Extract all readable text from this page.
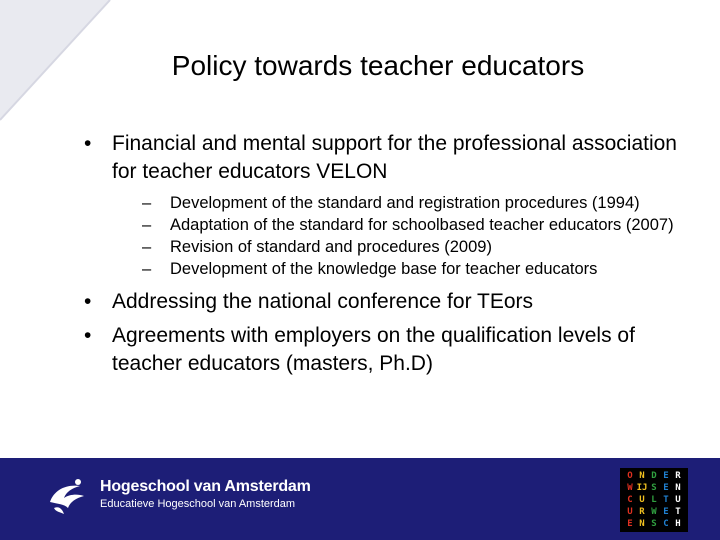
Policy towards teacher educators
• Financial and mental support for the professional association for teacher educators VELON
– Development of the standard and registration procedures (1994)
– Adaptation of the standard for schoolbased teacher educators (2007)
– Revision of standard and procedures (2009)
– Development of the knowledge base for teacher educators
• Addressing the national conference for TEors
• Agreements with employers on the qualification levels of teacher educators (masters, Ph.D)
Hogeschool van Amsterdam
Educatieve Hogeschool van Amsterdam
O N D E R
W IJ S E N
C U L T U
U R W E T
E N S C H
